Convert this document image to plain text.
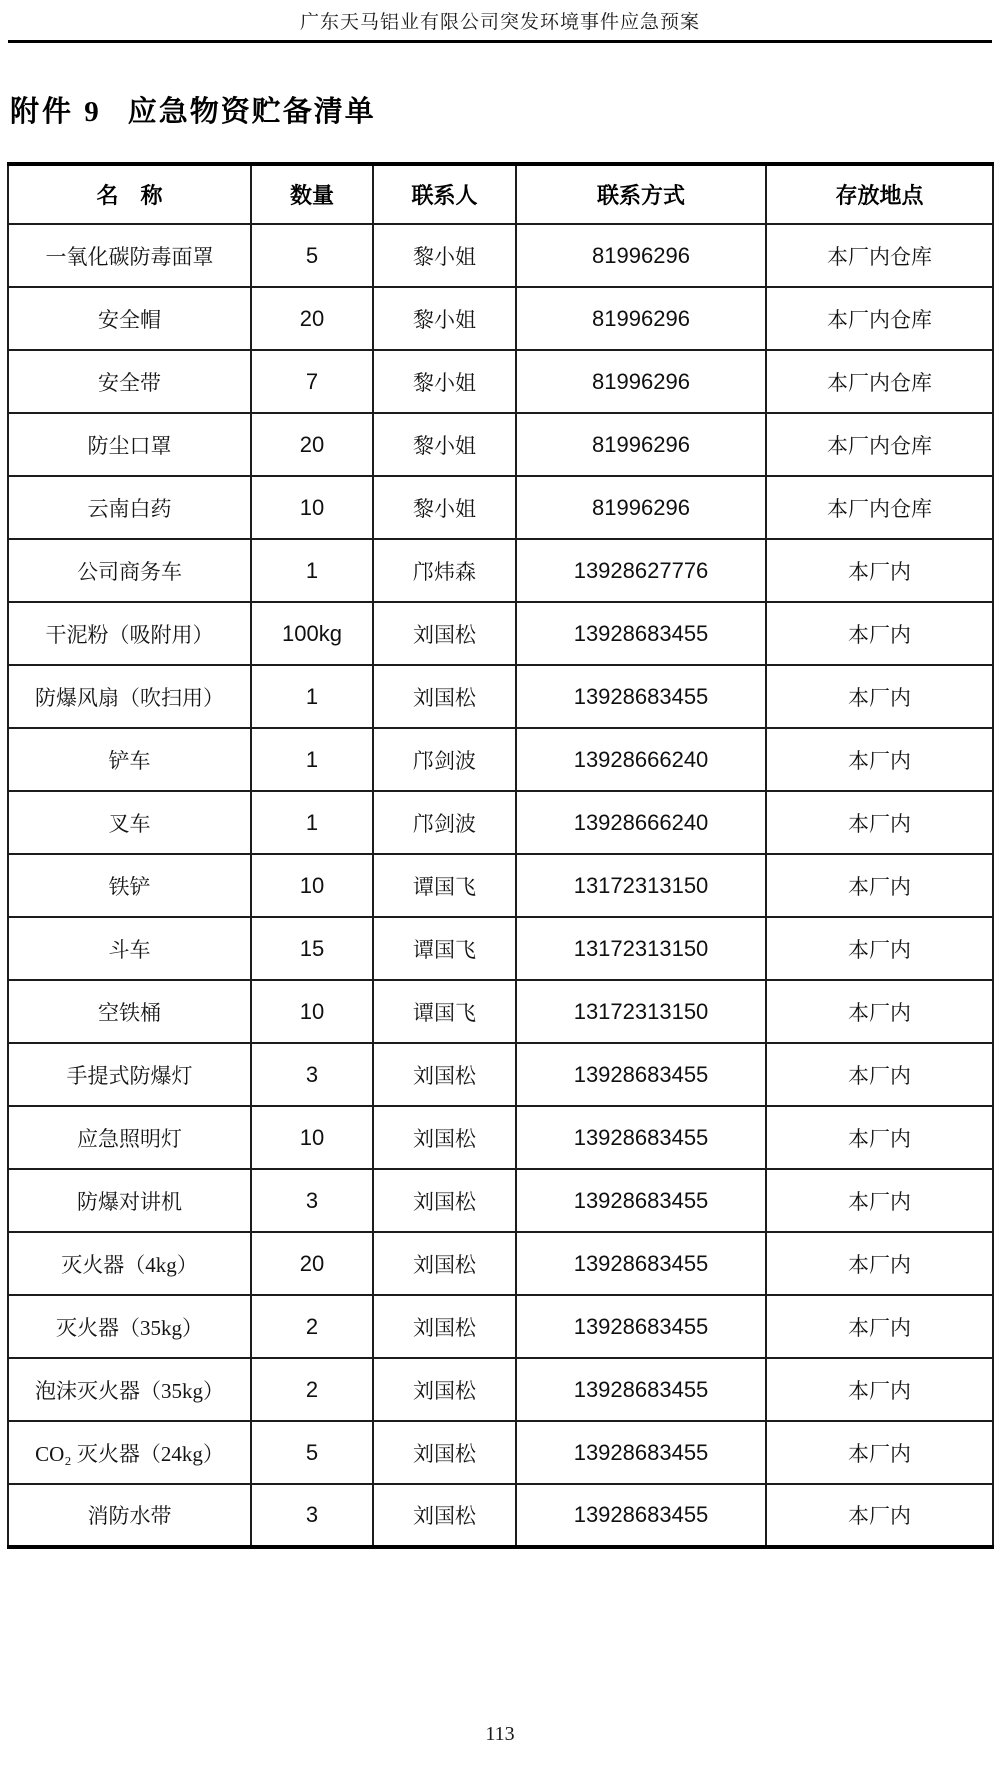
广东天马铝业有限公司突发环境事件应急预案
附件 9 应急物资贮备清单
名　称	数量	联系人	联系方式	存放地点
一氧化碳防毒面罩	5	黎小姐	81996296	本厂内仓库
安全帽	20	黎小姐	81996296	本厂内仓库
安全带	7	黎小姐	81996296	本厂内仓库
防尘口罩	20	黎小姐	81996296	本厂内仓库
云南白药	10	黎小姐	81996296	本厂内仓库
公司商务车	1	邝炜森	13928627776	本厂内
干泥粉（吸附用）	100kg	刘国松	13928683455	本厂内
防爆风扇（吹扫用）	1	刘国松	13928683455	本厂内
铲车	1	邝剑波	13928666240	本厂内
叉车	1	邝剑波	13928666240	本厂内
铁铲	10	谭国飞	13172313150	本厂内
斗车	15	谭国飞	13172313150	本厂内
空铁桶	10	谭国飞	13172313150	本厂内
手提式防爆灯	3	刘国松	13928683455	本厂内
应急照明灯	10	刘国松	13928683455	本厂内
防爆对讲机	3	刘国松	13928683455	本厂内
灭火器（4kg）	20	刘国松	13928683455	本厂内
灭火器（35kg）	2	刘国松	13928683455	本厂内
泡沫灭火器（35kg）	2	刘国松	13928683455	本厂内
CO₂ 灭火器（24kg）	5	刘国松	13928683455	本厂内
消防水带	3	刘国松	13928683455	本厂内
113
